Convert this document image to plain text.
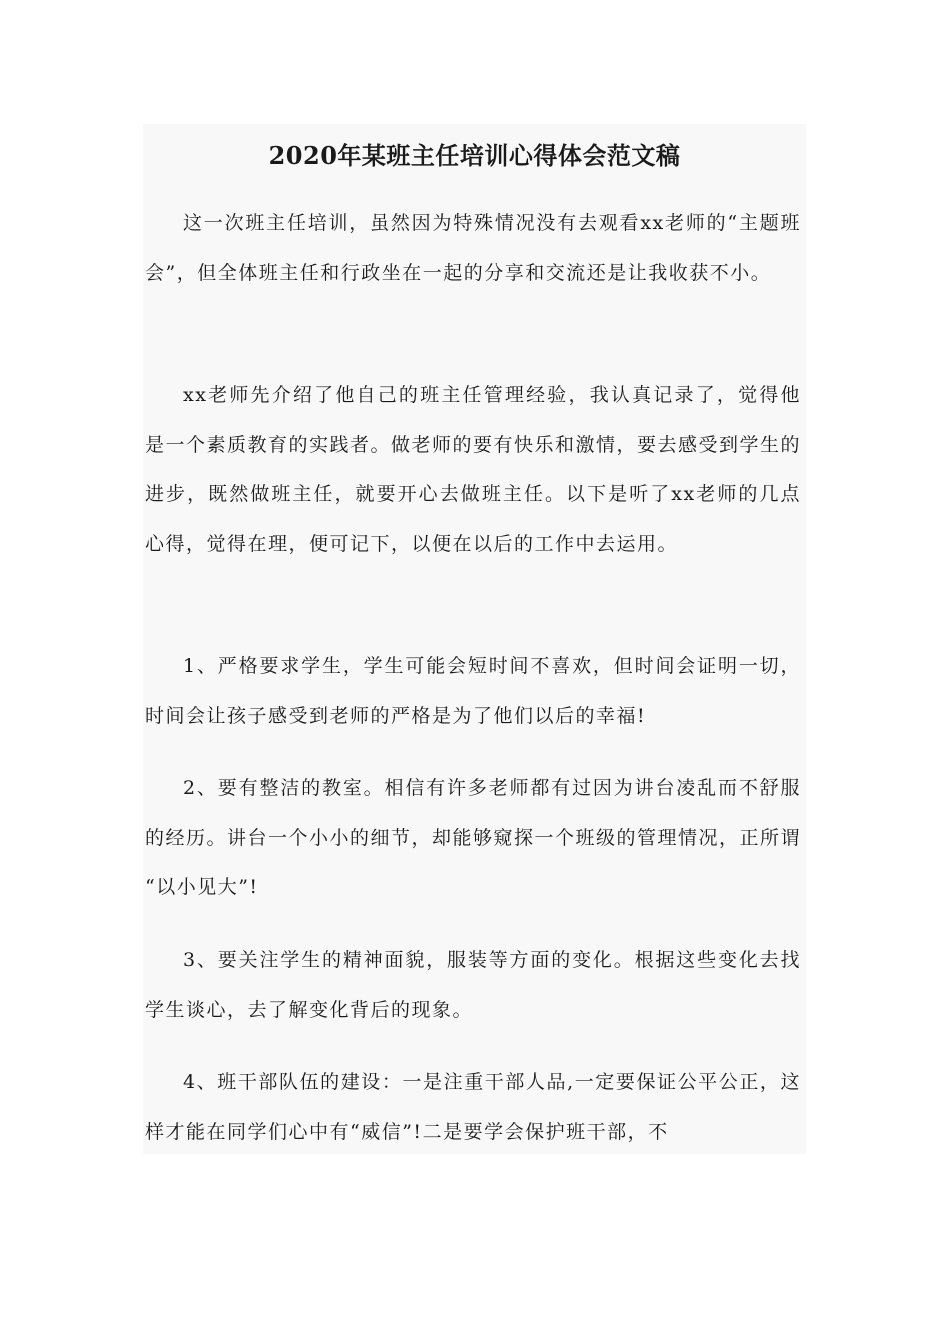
2020年某班主任培训心得体会范文稿

这一次班主任培训，虽然因为特殊情况没有去观看xx老师的“主题班会”，但全体班主任和行政坐在一起的分享和交流还是让我收获不小。

xx老师先介绍了他自己的班主任管理经验，我认真记录了，觉得他是一个素质教育的实践者。做老师的要有快乐和激情，要去感受到学生的进步，既然做班主任，就要开心去做班主任。以下是听了xx老师的几点心得，觉得在理，便可记下，以便在以后的工作中去运用。

1、严格要求学生，学生可能会短时间不喜欢，但时间会证明一切，时间会让孩子感受到老师的严格是为了他们以后的幸福!

2、要有整洁的教室。相信有许多老师都有过因为讲台凌乱而不舒服的经历。讲台一个小小的细节，却能够窥探一个班级的管理情况，正所谓 “以小见大”!

3、要关注学生的精神面貌，服装等方面的变化。根据这些变化去找学生谈心，去了解变化背后的现象。

4、班干部队伍的建设：一是注重干部人品,一定要保证公平公正，这样才能在同学们心中有“威信”!二是要学会保护班干部，不
